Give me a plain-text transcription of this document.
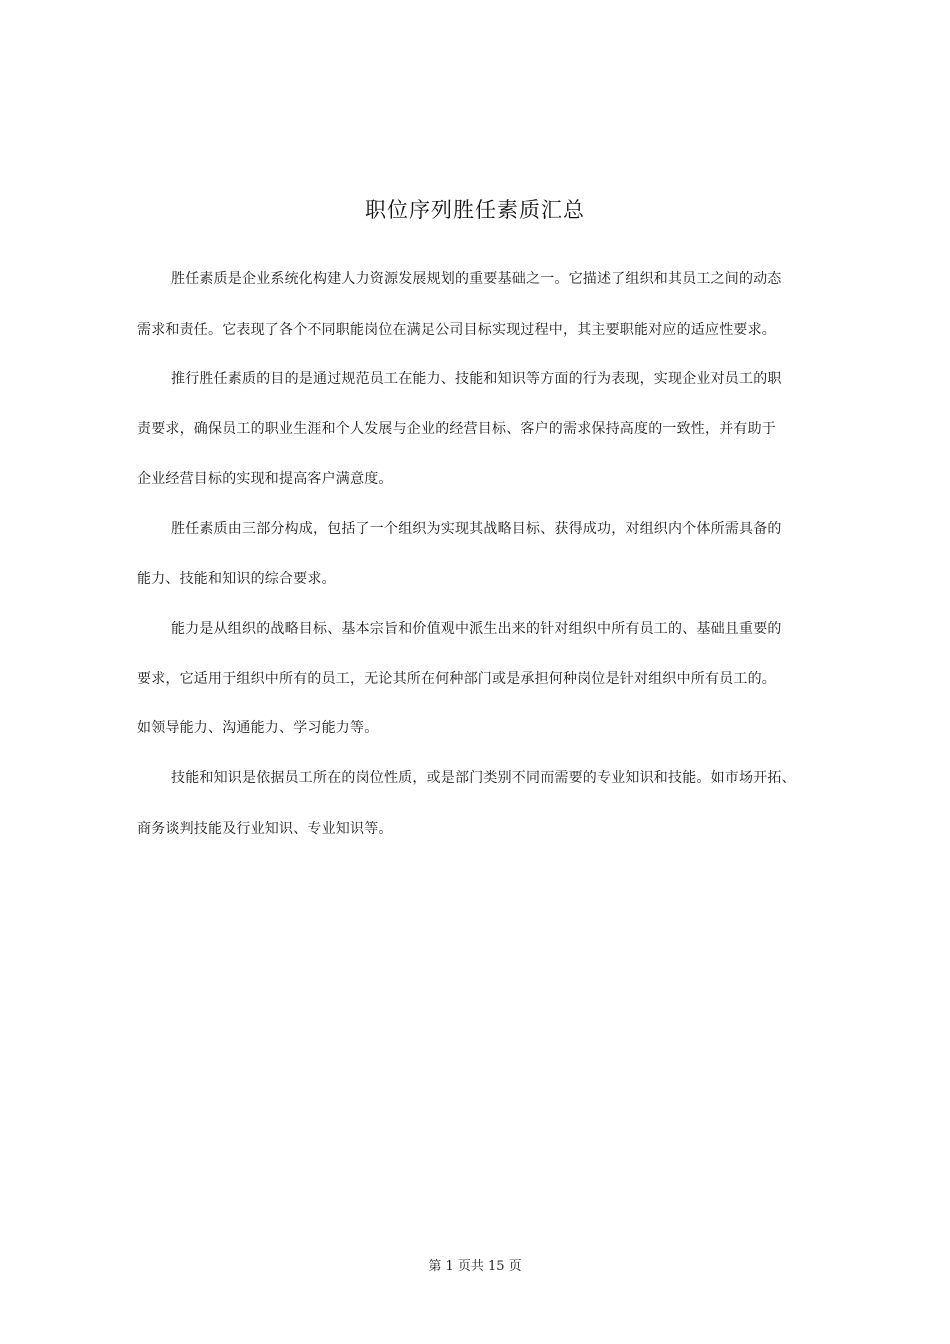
职位序列胜任素质汇总
胜任素质是企业系统化构建人力资源发展规划的重要基础之一。它描述了组织和其员工之间的动态
需求和责任。它表现了各个不同职能岗位在满足公司目标实现过程中，其主要职能对应的适应性要求。
推行胜任素质的目的是通过规范员工在能力、技能和知识等方面的行为表现，实现企业对员工的职
责要求，确保员工的职业生涯和个人发展与企业的经营目标、客户的需求保持高度的一致性，并有助于
企业经营目标的实现和提高客户满意度。
胜任素质由三部分构成，包括了一个组织为实现其战略目标、获得成功，对组织内个体所需具备的
能力、技能和知识的综合要求。
能力是从组织的战略目标、基本宗旨和价值观中派生出来的针对组织中所有员工的、基础且重要的
要求，它适用于组织中所有的员工，无论其所在何种部门或是承担何种岗位是针对组织中所有员工的。
如领导能力、沟通能力、学习能力等。
技能和知识是依据员工所在的岗位性质，或是部门类别不同而需要的专业知识和技能。如市场开拓、
商务谈判技能及行业知识、专业知识等。
第 1 页共 15 页
